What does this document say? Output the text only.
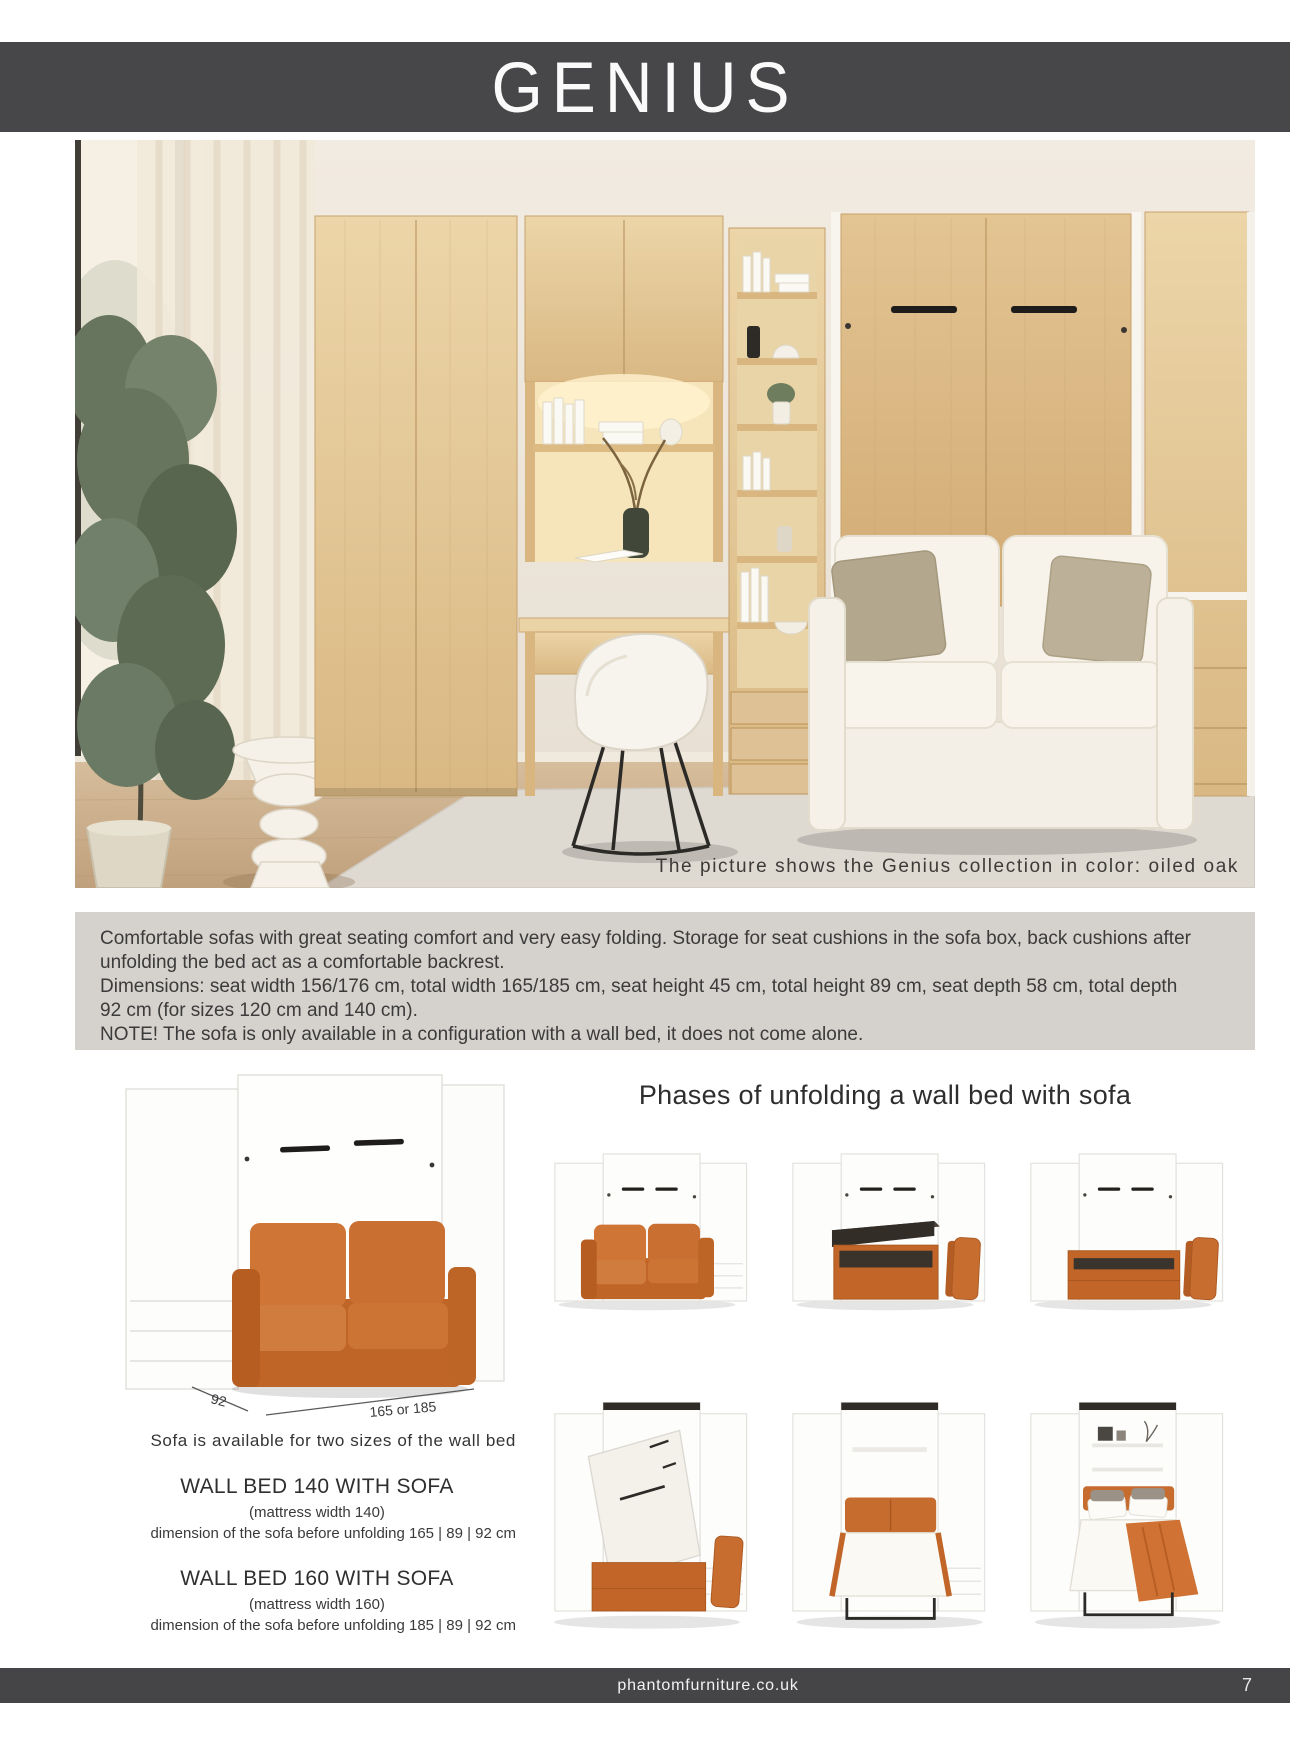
GENIUS
The picture shows the Genius collection in color: oiled oak

Comfortable sofas with great seating comfort and very easy folding. Storage for seat cushions in the sofa box, back cushions after unfolding the bed act as a comfortable backrest.

Dimensions: seat width 156/176 cm, total width 165/185 cm, seat height 45 cm, total height 89 cm, seat depth 58 cm, total depth 92 cm (for sizes 120 cm and 140 cm).

NOTE! The sofa is only available in a configuration with a wall bed, it does not come alone.

92	165 or 185
Sofa is available for two sizes of the wall bed
WALL BED 140 WITH SOFA
(mattress width 140)
dimension of the sofa before unfolding 165 | 89 | 92 cm
WALL BED 160 WITH SOFA
(mattress width 160)
dimension of the sofa before unfolding 185 | 89 | 92 cm
Phases of unfolding a wall bed with sofa
phantomfurniture.co.uk	7
